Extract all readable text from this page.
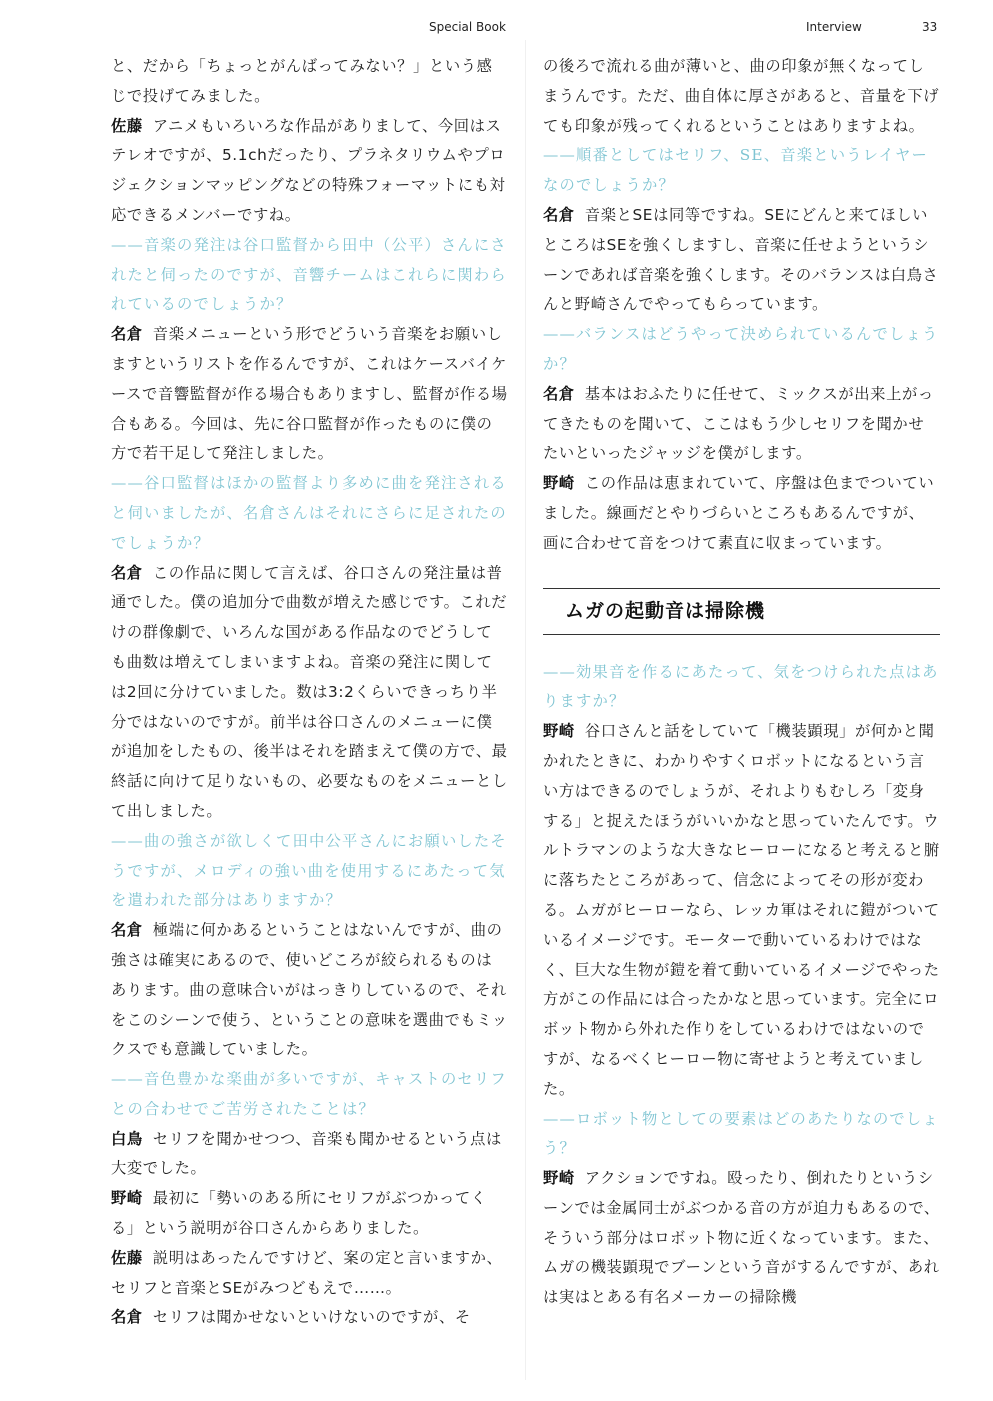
Special Book	Interview	33

と、だから「ちょっとがんばってみない？」という感じで投げてみました。

佐藤 アニメもいろいろな作品がありまして、今回はステレオですが、5.1chだったり、プラネタリウムやプロジェクションマッピングなどの特殊フォーマットにも対応できるメンバーですね。

——音楽の発注は谷口監督から田中（公平）さんにされたと伺ったのですが、音響チームはこれらに関わられているのでしょうか？

名倉 音楽メニューという形でどういう音楽をお願いしますというリストを作るんですが、これはケースバイケースで音響監督が作る場合もありますし、監督が作る場合もある。今回は、先に谷口監督が作ったものに僕の方で若干足して発注しました。

——谷口監督はほかの監督より多めに曲を発注されると伺いましたが、名倉さんはそれにさらに足されたのでしょうか？

名倉 この作品に関して言えば、谷口さんの発注量は普通でした。僕の追加分で曲数が増えた感じです。これだけの群像劇で、いろんな国がある作品なのでどうしても曲数は増えてしまいますよね。音楽の発注に関しては2回に分けていました。数は3:2くらいできっちり半分ではないのですが。前半は谷口さんのメニューに僕が追加をしたもの、後半はそれを踏まえて僕の方で、最終話に向けて足りないもの、必要なものをメニューとして出しました。

——曲の強さが欲しくて田中公平さんにお願いしたそうですが、メロディの強い曲を使用するにあたって気を遣われた部分はありますか？

名倉 極端に何かあるということはないんですが、曲の強さは確実にあるので、使いどころが絞られるものはあります。曲の意味合いがはっきりしているので、それをこのシーンで使う、ということの意味を選曲でもミックスでも意識していました。

——音色豊かな楽曲が多いですが、キャストのセリフとの合わせでご苦労されたことは？

白鳥 セリフを聞かせつつ、音楽も聞かせるという点は大変でした。

野崎 最初に「勢いのある所にセリフがぶつかってくる」という説明が谷口さんからありました。

佐藤 説明はあったんですけど、案の定と言いますか、セリフと音楽とSEがみつどもえで……。

名倉 セリフは聞かせないといけないのですが、そ

の後ろで流れる曲が薄いと、曲の印象が無くなってしまうんです。ただ、曲自体に厚さがあると、音量を下げても印象が残ってくれるということはありますよね。

——順番としてはセリフ、SE、音楽というレイヤーなのでしょうか？

名倉 音楽とSEは同等ですね。SEにどんと来てほしいところはSEを強くしますし、音楽に任せようというシーンであれば音楽を強くします。そのバランスは白鳥さんと野崎さんでやってもらっています。

——バランスはどうやって決められているんでしょうか？

名倉 基本はおふたりに任せて、ミックスが出来上がってきたものを聞いて、ここはもう少しセリフを聞かせたいといったジャッジを僕がします。

野崎 この作品は恵まれていて、序盤は色までついていました。線画だとやりづらいところもあるんですが、画に合わせて音をつけて素直に収まっています。

ムガの起動音は掃除機

——効果音を作るにあたって、気をつけられた点はありますか？

野崎 谷口さんと話をしていて「機装顕現」が何かと聞かれたときに、わかりやすくロボットになるという言い方はできるのでしょうが、それよりもむしろ「変身する」と捉えたほうがいいかなと思っていたんです。ウルトラマンのような大きなヒーローになると考えると腑に落ちたところがあって、信念によってその形が変わる。ムガがヒーローなら、レッカ軍はそれに鎧がついているイメージです。モーターで動いているわけではなく、巨大な生物が鎧を着て動いているイメージでやった方がこの作品には合ったかなと思っています。完全にロボット物から外れた作りをしているわけではないのですが、なるべくヒーロー物に寄せようと考えていました。

——ロボット物としての要素はどのあたりなのでしょう？

野崎 アクションですね。殴ったり、倒れたりというシーンでは金属同士がぶつかる音の方が迫力もあるので、そういう部分はロボット物に近くなっています。また、ムガの機装顕現でブーンという音がするんですが、あれは実はとある有名メーカーの掃除機
